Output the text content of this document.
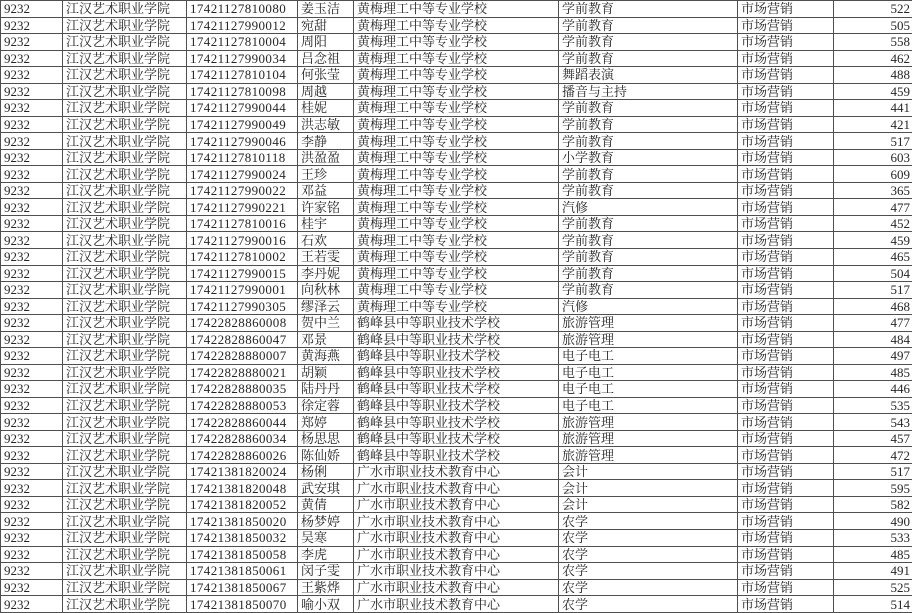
9232	江汉艺术职业学院	17421127810080	姜玉洁	黄梅理工中等专业学校	学前教育	市场营销	522
9232	江汉艺术职业学院	17421127990012	宛甜	黄梅理工中等专业学校	学前教育	市场营销	505
9232	江汉艺术职业学院	17421127810004	周阳	黄梅理工中等专业学校	学前教育	市场营销	558
9232	江汉艺术职业学院	17421127990034	吕念祖	黄梅理工中等专业学校	学前教育	市场营销	462
9232	江汉艺术职业学院	17421127810104	何张莹	黄梅理工中等专业学校	舞蹈表演	市场营销	488
9232	江汉艺术职业学院	17421127810098	周越	黄梅理工中等专业学校	播音与主持	市场营销	459
9232	江汉艺术职业学院	17421127990044	桂妮	黄梅理工中等专业学校	学前教育	市场营销	441
9232	江汉艺术职业学院	17421127990049	洪志敏	黄梅理工中等专业学校	学前教育	市场营销	421
9232	江汉艺术职业学院	17421127990046	李静	黄梅理工中等专业学校	学前教育	市场营销	517
9232	江汉艺术职业学院	17421127810118	洪盈盈	黄梅理工中等专业学校	小学教育	市场营销	603
9232	江汉艺术职业学院	17421127990024	王珍	黄梅理工中等专业学校	学前教育	市场营销	609
9232	江汉艺术职业学院	17421127990022	邓益	黄梅理工中等专业学校	学前教育	市场营销	365
9232	江汉艺术职业学院	17421127990221	许家铭	黄梅理工中等专业学校	汽修	市场营销	477
9232	江汉艺术职业学院	17421127810016	桂宇	黄梅理工中等专业学校	学前教育	市场营销	452
9232	江汉艺术职业学院	17421127990016	石欢	黄梅理工中等专业学校	学前教育	市场营销	459
9232	江汉艺术职业学院	17421127810002	王若雯	黄梅理工中等专业学校	学前教育	市场营销	465
9232	江汉艺术职业学院	17421127990015	李丹妮	黄梅理工中等专业学校	学前教育	市场营销	504
9232	江汉艺术职业学院	17421127990001	向秋林	黄梅理工中等专业学校	学前教育	市场营销	517
9232	江汉艺术职业学院	17421127990305	缪泽云	黄梅理工中等专业学校	汽修	市场营销	468
9232	江汉艺术职业学院	17422828860008	贺中兰	鹤峰县中等职业技术学校	旅游管理	市场营销	477
9232	江汉艺术职业学院	17422828860047	邓景	鹤峰县中等职业技术学校	旅游管理	市场营销	484
9232	江汉艺术职业学院	17422828880007	黄海燕	鹤峰县中等职业技术学校	电子电工	市场营销	497
9232	江汉艺术职业学院	17422828880021	胡颖	鹤峰县中等职业技术学校	电子电工	市场营销	485
9232	江汉艺术职业学院	17422828880035	陆丹丹	鹤峰县中等职业技术学校	电子电工	市场营销	446
9232	江汉艺术职业学院	17422828880053	徐定蓉	鹤峰县中等职业技术学校	电子电工	市场营销	535
9232	江汉艺术职业学院	17422828860044	郑婷	鹤峰县中等职业技术学校	旅游管理	市场营销	543
9232	江汉艺术职业学院	17422828860034	杨思思	鹤峰县中等职业技术学校	旅游管理	市场营销	457
9232	江汉艺术职业学院	17422828860026	陈仙娇	鹤峰县中等职业技术学校	旅游管理	市场营销	472
9232	江汉艺术职业学院	17421381820024	杨俐	广水市职业技术教育中心	会计	市场营销	517
9232	江汉艺术职业学院	17421381820048	武安琪	广水市职业技术教育中心	会计	市场营销	595
9232	江汉艺术职业学院	17421381820052	黄倩	广水市职业技术教育中心	会计	市场营销	582
9232	江汉艺术职业学院	17421381850020	杨梦婷	广水市职业技术教育中心	农学	市场营销	490
9232	江汉艺术职业学院	17421381850032	吴寒	广水市职业技术教育中心	农学	市场营销	533
9232	江汉艺术职业学院	17421381850058	李虎	广水市职业技术教育中心	农学	市场营销	485
9232	江汉艺术职业学院	17421381850061	闵子雯	广水市职业技术教育中心	农学	市场营销	491
9232	江汉艺术职业学院	17421381850067	王紫烨	广水市职业技术教育中心	农学	市场营销	525
9232	江汉艺术职业学院	17421381850070	喻小双	广水市职业技术教育中心	农学	市场营销	514
